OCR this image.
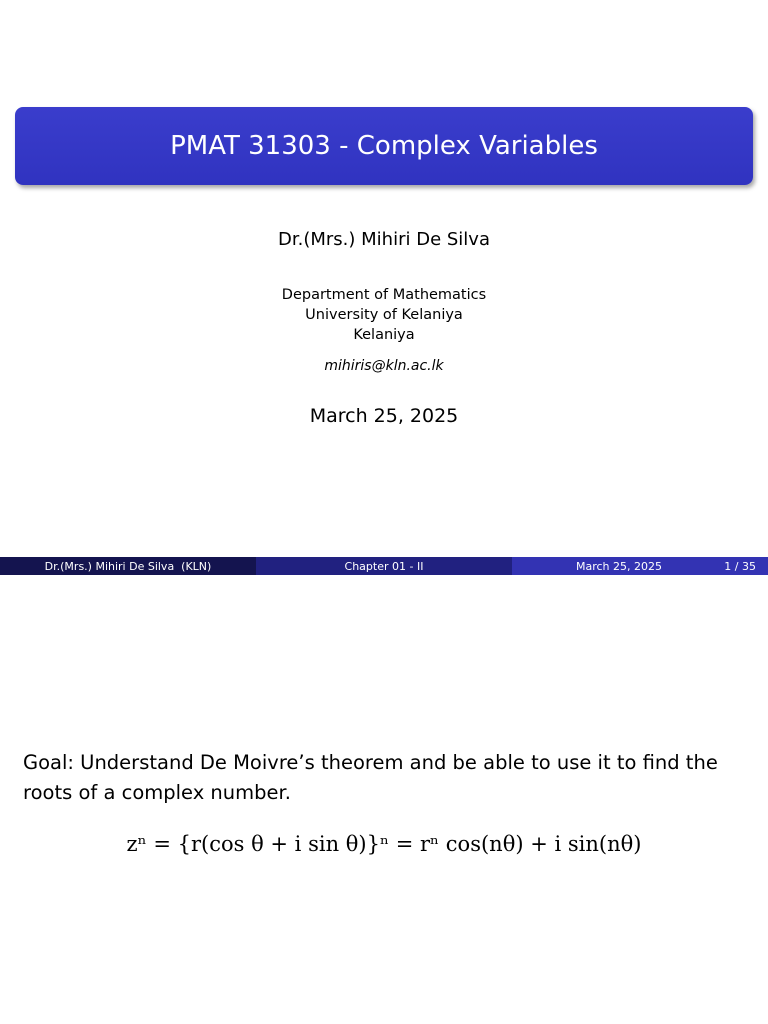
PMAT 31303 - Complex Variables
Dr.(Mrs.) Mihiri De Silva
Department of Mathematics
University of Kelaniya
Kelaniya
mihiris@kln.ac.lk
March 25, 2025
Dr.(Mrs.) Mihiri De Silva  (KLN)	Chapter 01 - II	March 25, 2025	1 / 35
Goal: Understand De Moivre’s theorem and be able to use it to find the roots of a complex number.
zⁿ = {r(cos θ + i sin θ)}ⁿ = rⁿ cos(nθ) + i sin(nθ)
